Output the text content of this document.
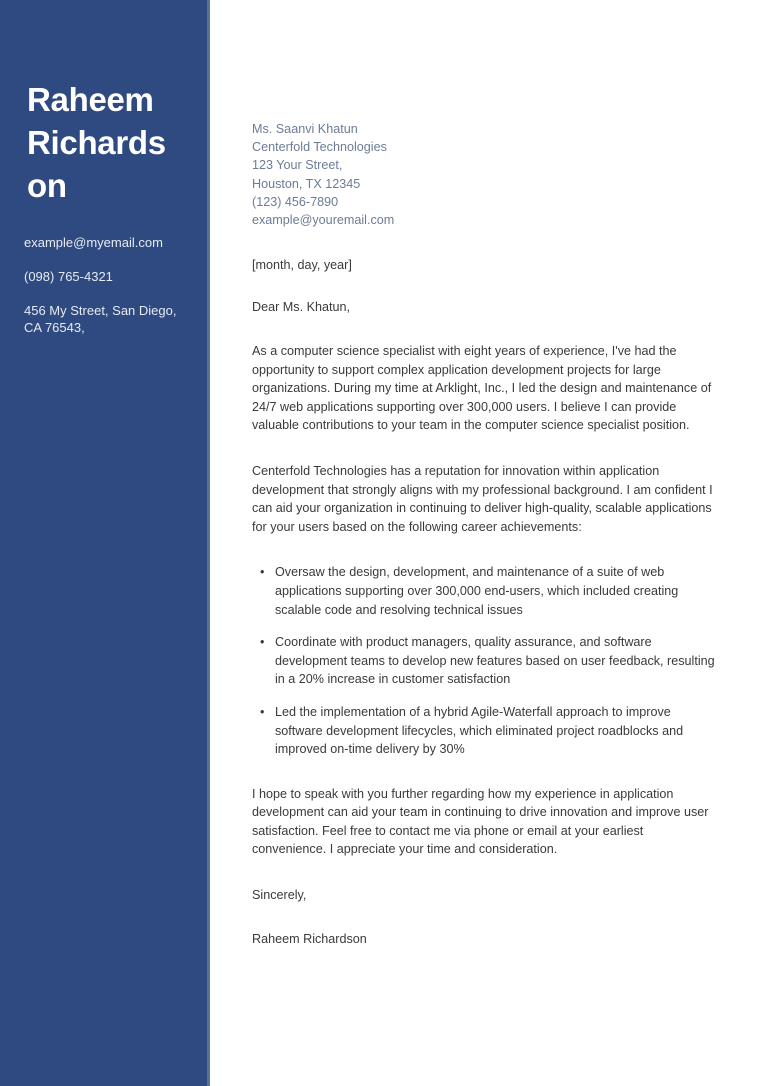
Raheem
Richards
on
example@myemail.com
(098) 765-4321
456 My Street, San Diego, CA 76543,
Ms. Saanvi Khatun
Centerfold Technologies
123 Your Street,
Houston, TX 12345
(123) 456-7890
example@youremail.com
[month, day, year]
Dear Ms. Khatun,

As a computer science specialist with eight years of experience, I've had the opportunity to support complex application development projects for large organizations. During my time at Arklight, Inc., I led the design and maintenance of 24/7 web applications supporting over 300,000 users. I believe I can provide valuable contributions to your team in the computer science specialist position.

Centerfold Technologies has a reputation for innovation within application development that strongly aligns with my professional background. I am confident I can aid your organization in continuing to deliver high-quality, scalable applications for your users based on the following career achievements:

• Oversaw the design, development, and maintenance of a suite of web applications supporting over 300,000 end-users, which included creating scalable code and resolving technical issues
• Coordinate with product managers, quality assurance, and software development teams to develop new features based on user feedback, resulting in a 20% increase in customer satisfaction
• Led the implementation of a hybrid Agile-Waterfall approach to improve software development lifecycles, which eliminated project roadblocks and improved on-time delivery by 30%

I hope to speak with you further regarding how my experience in application development can aid your team in continuing to drive innovation and improve user satisfaction. Feel free to contact me via phone or email at your earliest convenience. I appreciate your time and consideration.

Sincerely,
Raheem Richardson
